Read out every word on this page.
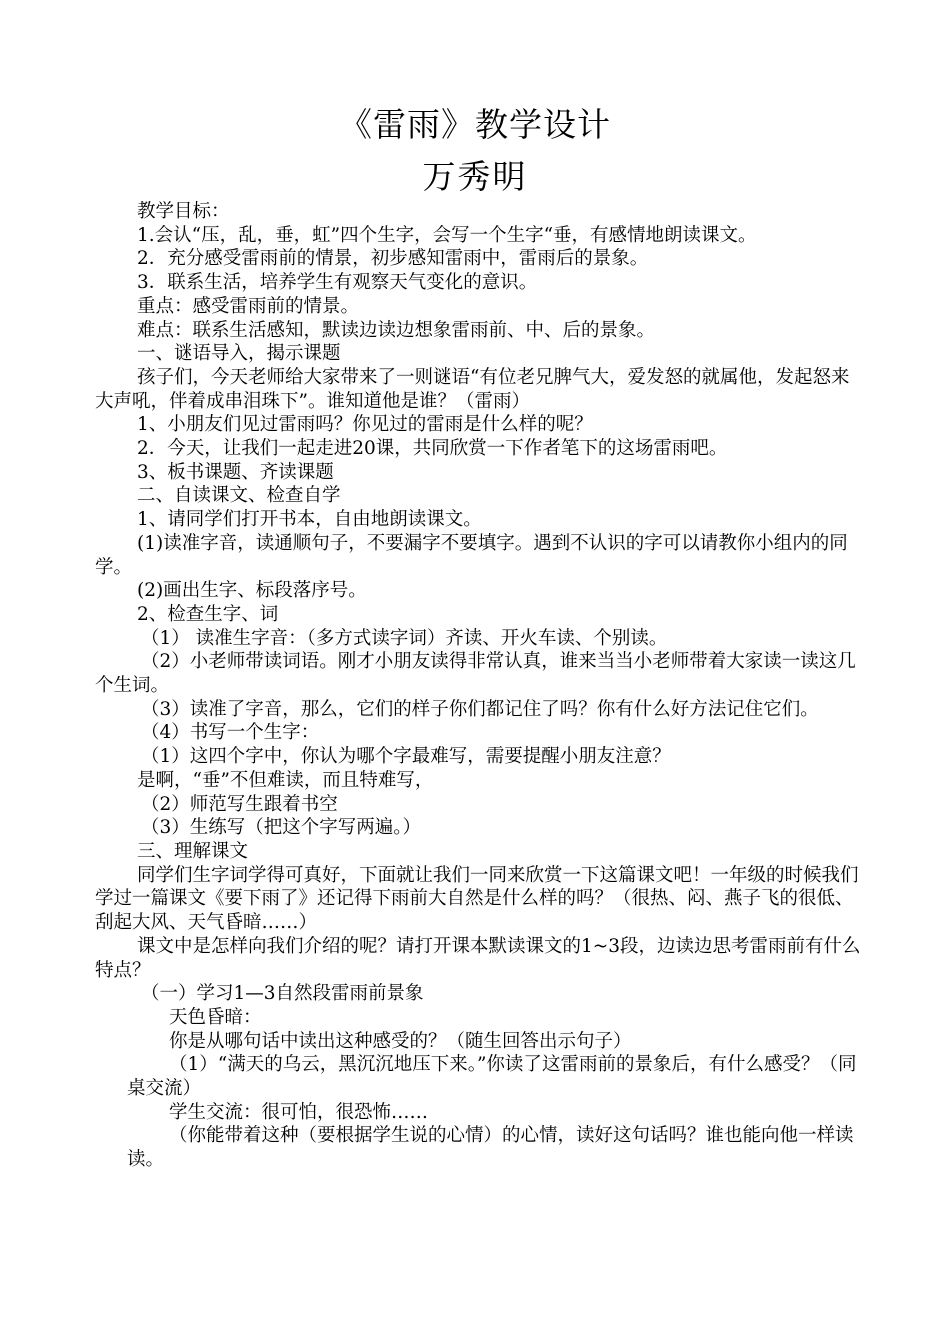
《雷雨》教学设计
万秀明

教学目标：

1.会认“压，乱，垂，虹”四个生字，会写一个生字“垂，有感情地朗读课文。

2．充分感受雷雨前的情景，初步感知雷雨中，雷雨后的景象。

3．联系生活，培养学生有观察天气变化的意识。

重点：感受雷雨前的情景。

难点：联系生活感知，默读边读边想象雷雨前、中、后的景象。

一、谜语导入，揭示课题

孩子们，今天老师给大家带来了一则谜语“有位老兄脾气大，爱发怒的就属他，发起怒来大声吼，伴着成串泪珠下”。谁知道他是谁？（雷雨）

1、小朋友们见过雷雨吗？你见过的雷雨是什么样的呢？

2．今天，让我们一起走进20课，共同欣赏一下作者笔下的这场雷雨吧。

3、板书课题、齐读课题

二、自读课文、检查自学

1、请同学们打开书本，自由地朗读课文。

(1)读准字音，读通顺句子，不要漏字不要填字。遇到不认识的字可以请教你小组内的同学。

(2)画出生字、标段落序号。

2、检查生字、词

（1） 读准生字音：（多方式读字词）齐读、开火车读、个别读。

（2）小老师带读词语。刚才小朋友读得非常认真，谁来当当小老师带着大家读一读这几个生词。

（3）读准了字音，那么，它们的样子你们都记住了吗？你有什么好方法记住它们。

（4）书写一个生字：

（1）这四个字中，你认为哪个字最难写，需要提醒小朋友注意？

是啊，“垂”不但难读，而且特难写，

（2）师范写生跟着书空

（3）生练写（把这个字写两遍。）

三、理解课文

同学们生字词学得可真好，下面就让我们一同来欣赏一下这篇课文吧！一年级的时候我们学过一篇课文《要下雨了》还记得下雨前大自然是什么样的吗？（很热、闷、燕子飞的很低、刮起大风、天气昏暗……）

课文中是怎样向我们介绍的呢？请打开课本默读课文的1~3段，边读边思考雷雨前有什么特点？

（一）学习1—3自然段雷雨前景象

天色昏暗：

你是从哪句话中读出这种感受的？（随生回答出示句子）

（1）“满天的乌云，黑沉沉地压下来。”你读了这雷雨前的景象后，有什么感受？（同桌交流）

学生交流：很可怕，很恐怖……

（你能带着这种（要根据学生说的心情）的心情，读好这句话吗？谁也能向他一样读读。
